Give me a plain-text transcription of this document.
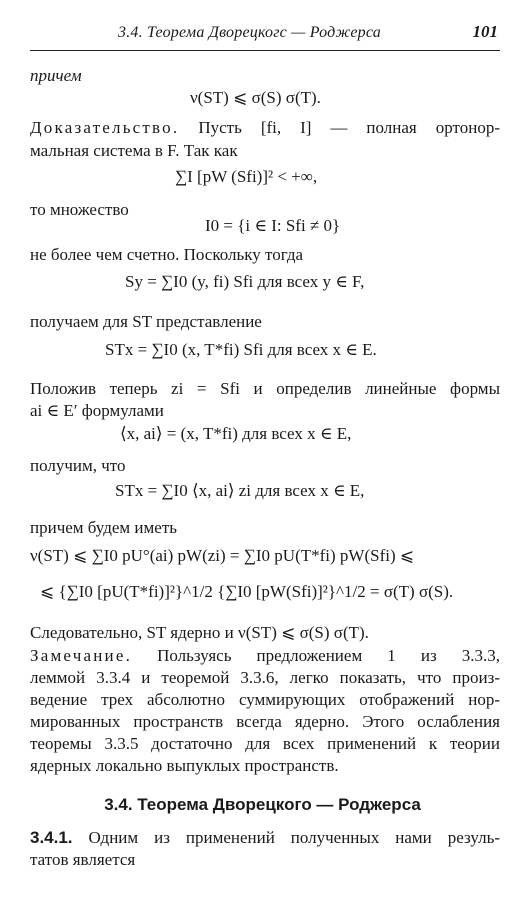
3.4. Теорема Дворецкогс — Роджерса	101
причем
ν(ST) ⩽ σ(S) σ(T).
Доказательство. Пусть [fi, I] — полная ортонор-
мальная система в F. Так как
∑I [pW (Sfi)]² < +∞,
то множество
I0 = {i ∈ I: Sfi ≠ 0}
не более чем счетно. Поскольку тогда
Sy = ∑I0 (y, fi) Sfi для всех y ∈ F,
получаем для ST представление
STx = ∑I0 (x, T*fi) Sfi для всех x ∈ E.
Положив теперь zi = Sfi и определив линейные формы
ai ∈ E′ формулами
⟨x, ai⟩ = (x, T*fi) для всех x ∈ E,
получим, что
STx = ∑I0 ⟨x, ai⟩ zi для всех x ∈ E,
причем будем иметь
ν(ST) ⩽ ∑I0 pU°(ai) pW(zi) = ∑I0 pU(T*fi) pW(Sfi) ⩽
⩽ {∑I0 [pU(T*fi)]²}^1/2 {∑I0 [pW(Sfi)]²}^1/2 = σ(T) σ(S).
Следовательно, ST ядерно и ν(ST) ⩽ σ(S) σ(T).
Замечание. Пользуясь предложением 1 из 3.3.3,
леммой 3.3.4 и теоремой 3.3.6, легко показать, что произ-
ведение трех абсолютно суммирующих отображений нор-
мированных пространств всегда ядерно. Этого ослабления
теоремы 3.3.5 достаточно для всех применений к теории
ядерных локально выпуклых пространств.
3.4. Теорема Дворецкого — Роджерса
3.4.1. Одним из применений полученных нами резуль-
татов является
